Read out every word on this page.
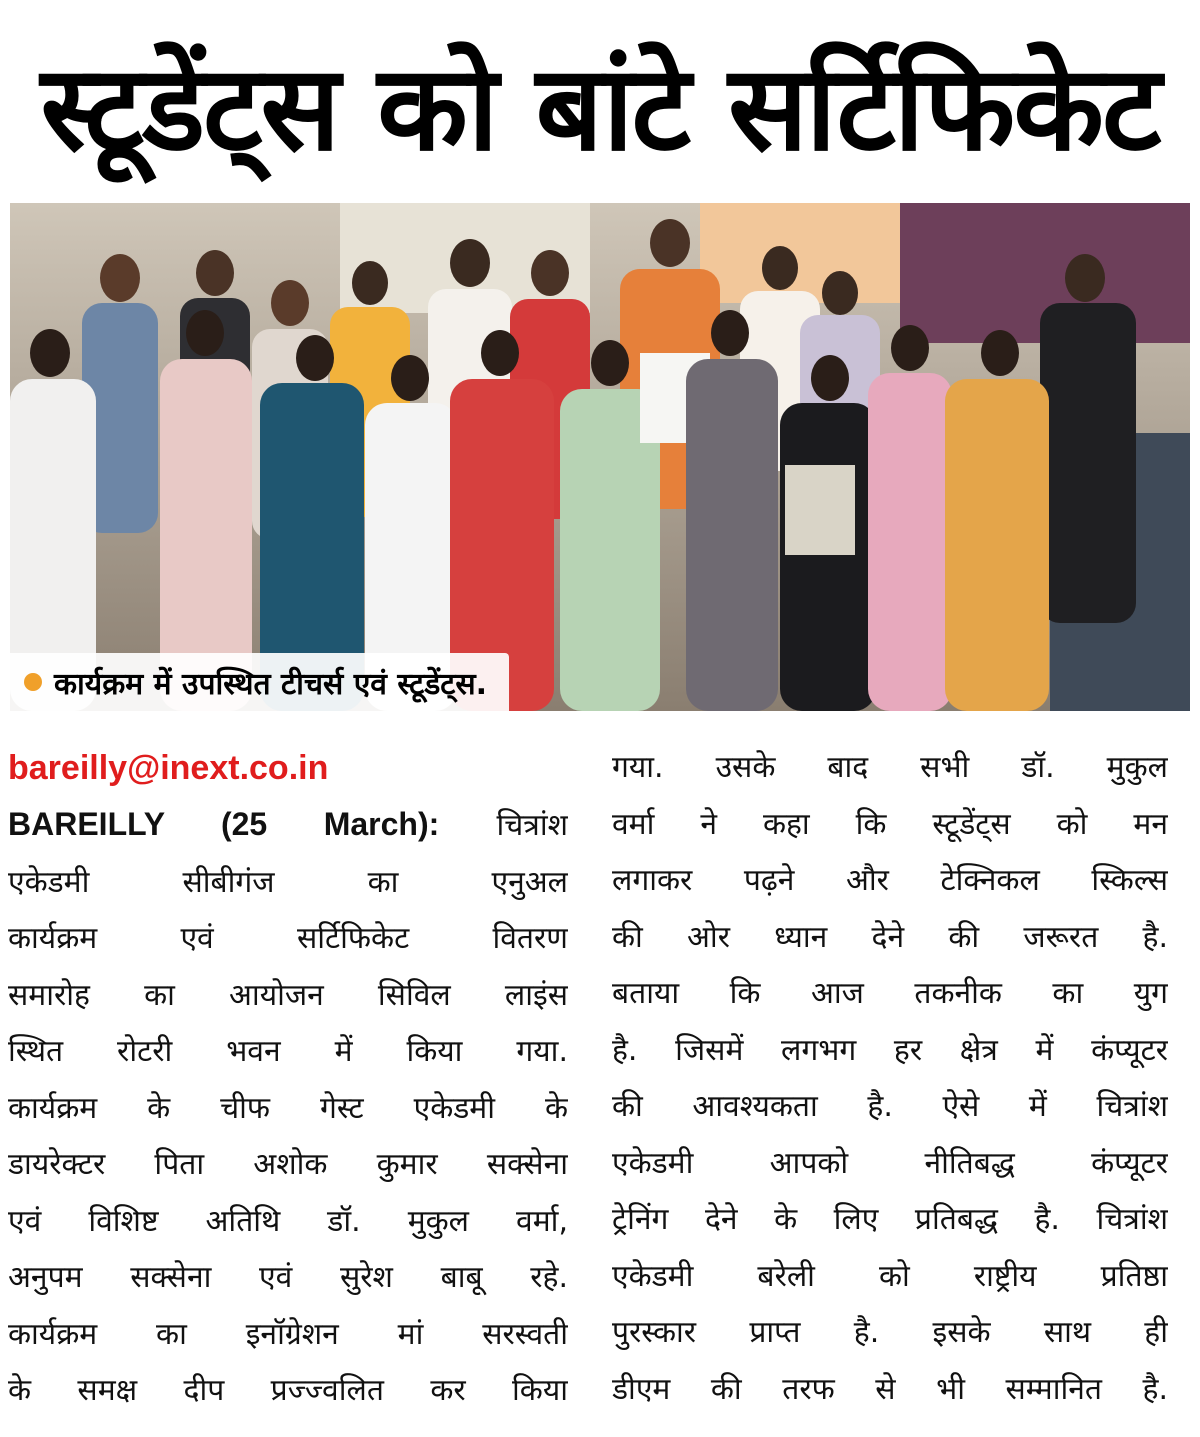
स्टूडेंट्स को बांटे सर्टिफिकेट
कार्यक्रम में उपस्थित टीचर्स एवं स्टूडेंट्स.
bareilly@inext.co.in
BAREILLY (25 March): चित्रांश
एकेडमी सीबीगंज का एनुअल
कार्यक्रम एवं सर्टिफिकेट वितरण
समारोह का आयोजन सिविल लाइंस
स्थित रोटरी भवन में किया गया.
कार्यक्रम के चीफ गेस्ट एकेडमी के
डायरेक्टर पिता अशोक कुमार सक्सेना
एवं विशिष्ट अतिथि डॉ. मुकुल वर्मा,
अनुपम सक्सेना एवं सुरेश बाबू रहे.
कार्यक्रम का इनॉग्रेशन मां सरस्वती
के समक्ष दीप प्रज्ज्वलित कर किया
गया. उसके बाद सभी डॉ. मुकुल
वर्मा ने कहा कि स्टूडेंट्स को मन
लगाकर पढ़ने और टेक्निकल स्किल्स
की ओर ध्यान देने की जरूरत है.
बताया कि आज तकनीक का युग
है. जिसमें लगभग हर क्षेत्र में कंप्यूटर
की आवश्यकता है. ऐसे में चित्रांश
एकेडमी आपको नीतिबद्ध कंप्यूटर
ट्रेनिंग देने के लिए प्रतिबद्ध है. चित्रांश
एकेडमी बरेली को राष्ट्रीय प्रतिष्ठा
पुरस्कार प्राप्त है. इसके साथ ही
डीएम की तरफ से भी सम्मानित है.
